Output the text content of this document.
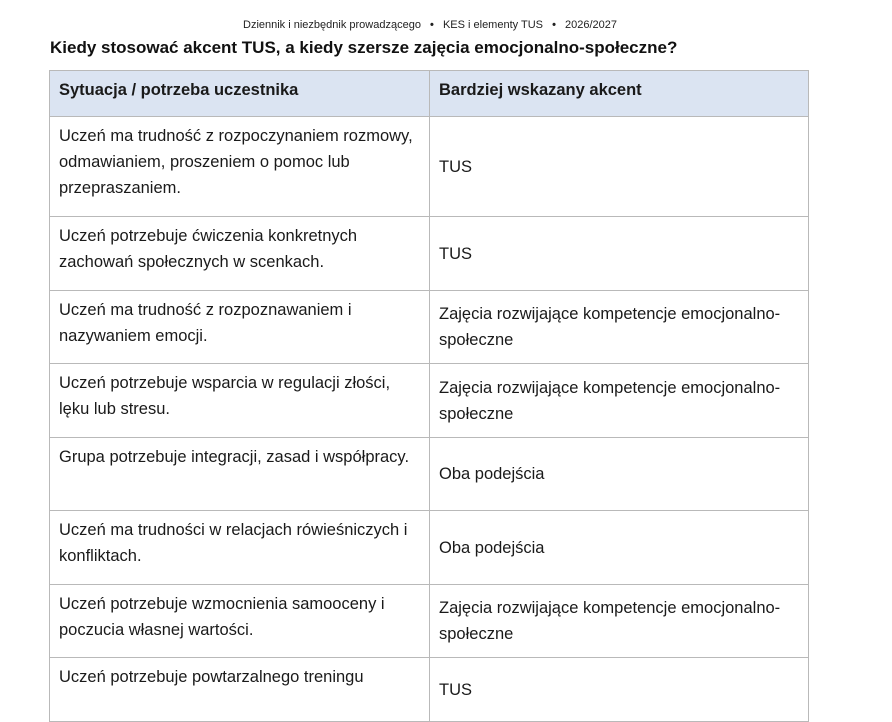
Dziennik i niezbędnik prowadzącego • KES i elementy TUS • 2026/2027
Kiedy stosować akcent TUS, a kiedy szersze zajęcia emocjonalno-społeczne?
Sytuacja / potrzeba uczestnika	Bardziej wskazany akcent
Uczeń ma trudność z rozpoczynaniem rozmowy, odmawianiem, proszeniem o pomoc lub przepraszaniem.	TUS
Uczeń potrzebuje ćwiczenia konkretnych zachowań społecznych w scenkach.	TUS
Uczeń ma trudność z rozpoznawaniem i nazywaniem emocji.	Zajęcia rozwijające kompetencje emocjonalno-społeczne
Uczeń potrzebuje wsparcia w regulacji złości, lęku lub stresu.	Zajęcia rozwijające kompetencje emocjonalno-społeczne
Grupa potrzebuje integracji, zasad i współpracy.	Oba podejścia
Uczeń ma trudności w relacjach rówieśniczych i konfliktach.	Oba podejścia
Uczeń potrzebuje wzmocnienia samooceny i poczucia własnej wartości.	Zajęcia rozwijające kompetencje emocjonalno-społeczne
Uczeń potrzebuje powtarzalnego treningu	TUS
